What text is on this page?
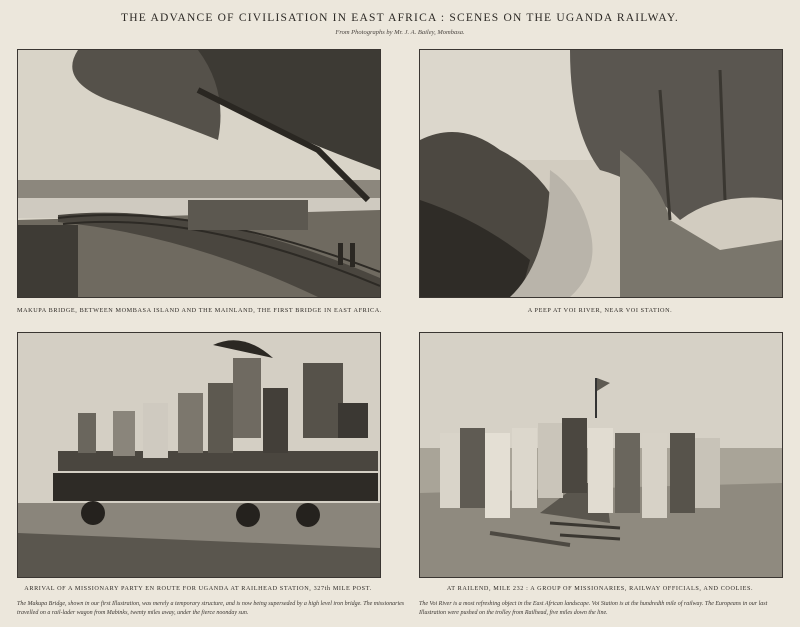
THE ADVANCE OF CIVILISATION IN EAST AFRICA : SCENES ON THE UGANDA RAILWAY.
From Photographs by Mr. J. A. Bailey, Mombasa.
MAKUPA BRIDGE, BETWEEN MOMBASA ISLAND AND THE MAINLAND, THE FIRST BRIDGE IN EAST AFRICA.	A PEEP AT VOI RIVER, NEAR VOI STATION.
ARRIVAL OF A MISSIONARY PARTY EN ROUTE FOR UGANDA AT RAILHEAD STATION, 327th MILE POST.	AT RAILEND, MILE 232 : A GROUP OF MISSIONARIES, RAILWAY OFFICIALS, AND COOLIES.
The Makupa Bridge, shown in our first Illustration, was merely a temporary structure, and is now being superseded by a high level iron bridge. The missionaries travelled on a rail-lader wagon from Mabinks, twenty miles away, under the fierce noonday sun.
The Voi River is a most refreshing object in the East African landscape. Voi Station is at the hundredth mile of railway. The Europeans in our last Illustration were pushed on the trolley from Railhead, five miles down the line.
